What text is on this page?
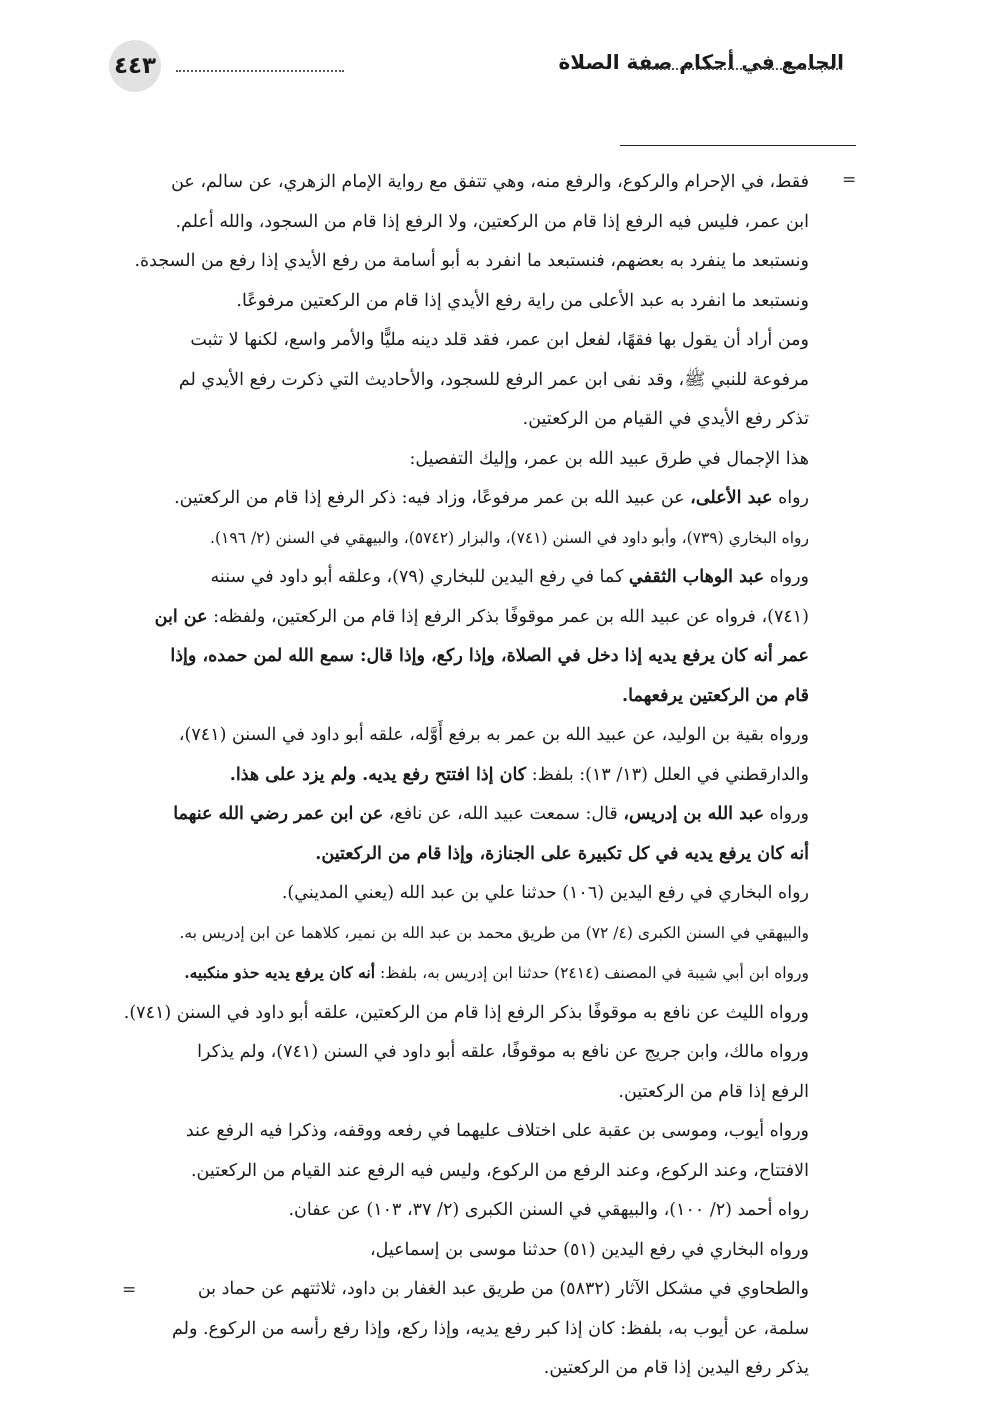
٤٤٣	الجامع في أحكام صفة الصلاة
=

فقط، في الإحرام والركوع، والرفع منه، وهي تتفق مع رواية الإمام الزهري، عن سالم، عن

ابن عمر، فليس فيه الرفع إذا قام من الركعتين، ولا الرفع إذا قام من السجود، والله أعلم.

ونستبعد ما ينفرد به بعضهم، فنستبعد ما انفرد به أبو أسامة من رفع الأيدي إذا رفع من السجدة.

ونستبعد ما انفرد به عبد الأعلى من راية رفع الأيدي إذا قام من الركعتين مرفوعًا.

ومن أراد أن يقول بها فقهًا، لفعل ابن عمر، فقد قلد دينه مليًّا والأمر واسع، لكنها لا تثبت

مرفوعة للنبي ﷺ، وقد نفى ابن عمر الرفع للسجود، والأحاديث التي ذكرت رفع الأيدي لم

تذكر رفع الأيدي في القيام من الركعتين.

هذا الإجمال في طرق عبيد الله بن عمر، وإليك التفصيل:

رواه عبد الأعلى، عن عبيد الله بن عمر مرفوعًا، وزاد فيه: ذكر الرفع إذا قام من الركعتين.

رواه البخاري (٧٣٩)، وأبو داود في السنن (٧٤١)، والبزار (٥٧٤٢)، والبيهقي في السنن (٢/ ١٩٦).

ورواه عبد الوهاب الثقفي كما في رفع اليدين للبخاري (٧٩)، وعلقه أبو داود في سننه

(٧٤١)، فرواه عن عبيد الله بن عمر موقوفًا بذكر الرفع إذا قام من الركعتين، ولفظه: عن ابن

عمر أنه كان يرفع يديه إذا دخل في الصلاة، وإذا ركع، وإذا قال: سمع الله لمن حمده، وإذا

قام من الركعتين يرفعهما.

ورواه بقية بن الوليد، عن عبيد الله بن عمر به برفع أَوَّله، علقه أبو داود في السنن (٧٤١)،

والدارقطني في العلل (١٣/ ١٣): بلفظ: كان إذا افتتح رفع يديه. ولم يزد على هذا.

ورواه عبد الله بن إدريس، قال: سمعت عبيد الله، عن نافع، عن ابن عمر رضي الله عنهما

أنه كان يرفع يديه في كل تكبيرة على الجنازة، وإذا قام من الركعتين.

رواه البخاري في رفع اليدين (١٠٦) حدثنا علي بن عبد الله (يعني المديني).

والبيهقي في السنن الكبرى (٤/ ٧٢) من طريق محمد بن عبد الله بن نمير، كلاهما عن ابن إدريس به.

ورواه ابن أبي شيبة في المصنف (٢٤١٤) حدثنا ابن إدريس به، بلفظ: أنه كان يرفع يديه حذو منكبيه.

ورواه الليث عن نافع به موقوفًا بذكر الرفع إذا قام من الركعتين، علقه أبو داود في السنن (٧٤١).

ورواه مالك، وابن جريج عن نافع به موقوفًا، علقه أبو داود في السنن (٧٤١)، ولم يذكرا

الرفع إذا قام من الركعتين.

ورواه أيوب، وموسى بن عقبة على اختلاف عليهما في رفعه ووقفه، وذكرا فيه الرفع عند

الافتتاح، وعند الركوع، وعند الرفع من الركوع، وليس فيه الرفع عند القيام من الركعتين.

رواه أحمد (٢/ ١٠٠)، والبيهقي في السنن الكبرى (٢/ ٣٧، ١٠٣) عن عفان.

ورواه البخاري في رفع اليدين (٥١) حدثنا موسى بن إسماعيل،

والطحاوي في مشكل الآثار (٥٨٣٢) من طريق عبد الغفار بن داود، ثلاثتهم عن حماد بن

سلمة، عن أيوب به، بلفظ: كان إذا كبر رفع يديه، وإذا ركع، وإذا رفع رأسه من الركوع. ولم

يذكر رفع اليدين إذا قام من الركعتين.

=
